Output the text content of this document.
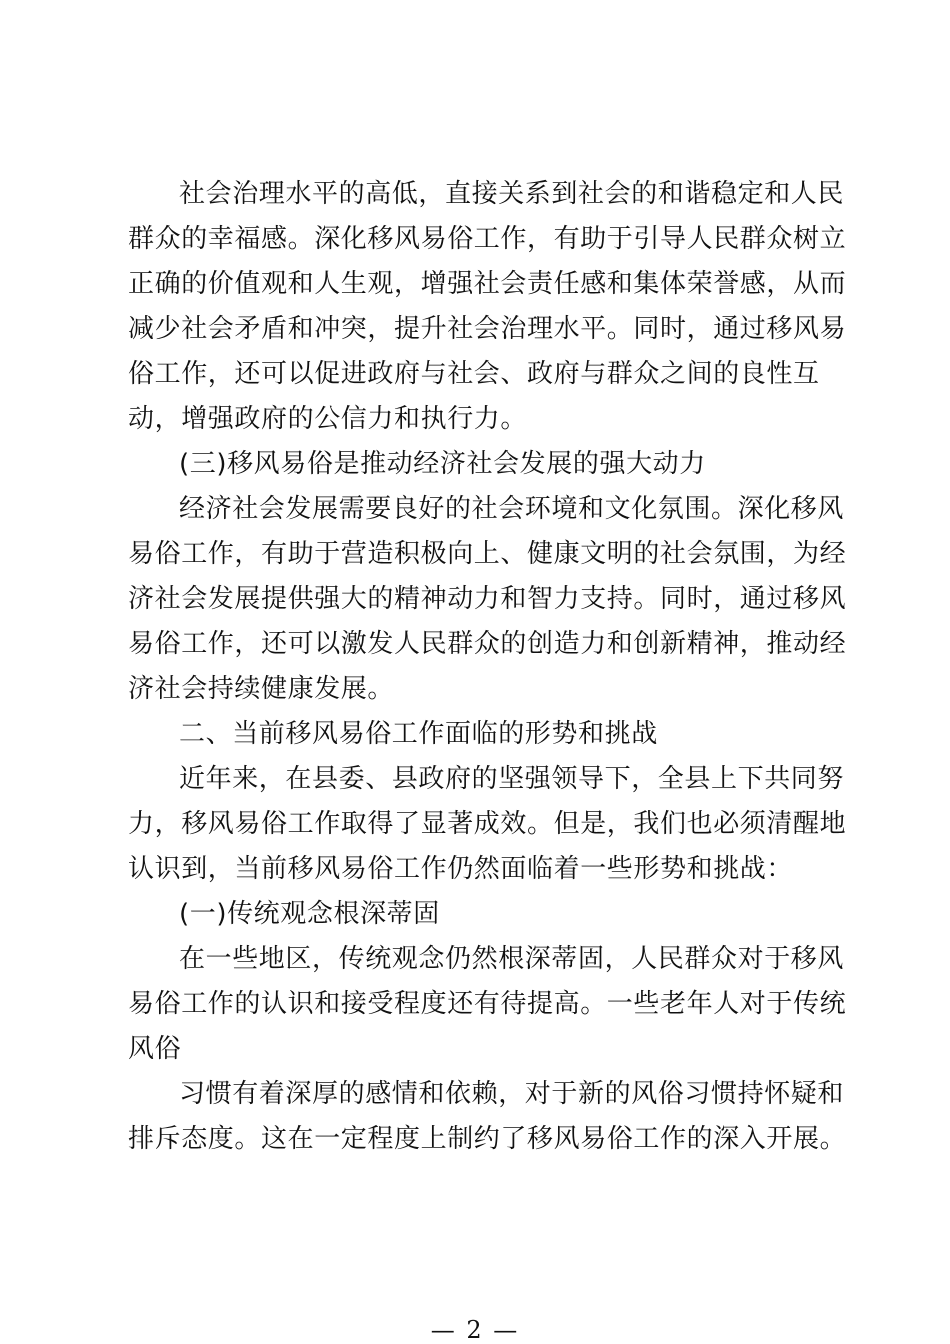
社会治理水平的高低，直接关系到社会的和谐稳定和人民
群众的幸福感。深化移风易俗工作，有助于引导人民群众树立
正确的价值观和人生观，增强社会责任感和集体荣誉感，从而
减少社会矛盾和冲突，提升社会治理水平。同时，通过移风易
俗工作，还可以促进政府与社会、政府与群众之间的良性互
动，增强政府的公信力和执行力。
(三)移风易俗是推动经济社会发展的强大动力
经济社会发展需要良好的社会环境和文化氛围。深化移风
易俗工作，有助于营造积极向上、健康文明的社会氛围，为经
济社会发展提供强大的精神动力和智力支持。同时，通过移风
易俗工作，还可以激发人民群众的创造力和创新精神，推动经
济社会持续健康发展。
二、当前移风易俗工作面临的形势和挑战
近年来，在县委、县政府的坚强领导下，全县上下共同努
力，移风易俗工作取得了显著成效。但是，我们也必须清醒地
认识到，当前移风易俗工作仍然面临着一些形势和挑战：
(一)传统观念根深蒂固
在一些地区，传统观念仍然根深蒂固，人民群众对于移风
易俗工作的认识和接受程度还有待提高。一些老年人对于传统
风俗
习惯有着深厚的感情和依赖，对于新的风俗习惯持怀疑和
排斥态度。这在一定程度上制约了移风易俗工作的深入开展。
— 2 —
